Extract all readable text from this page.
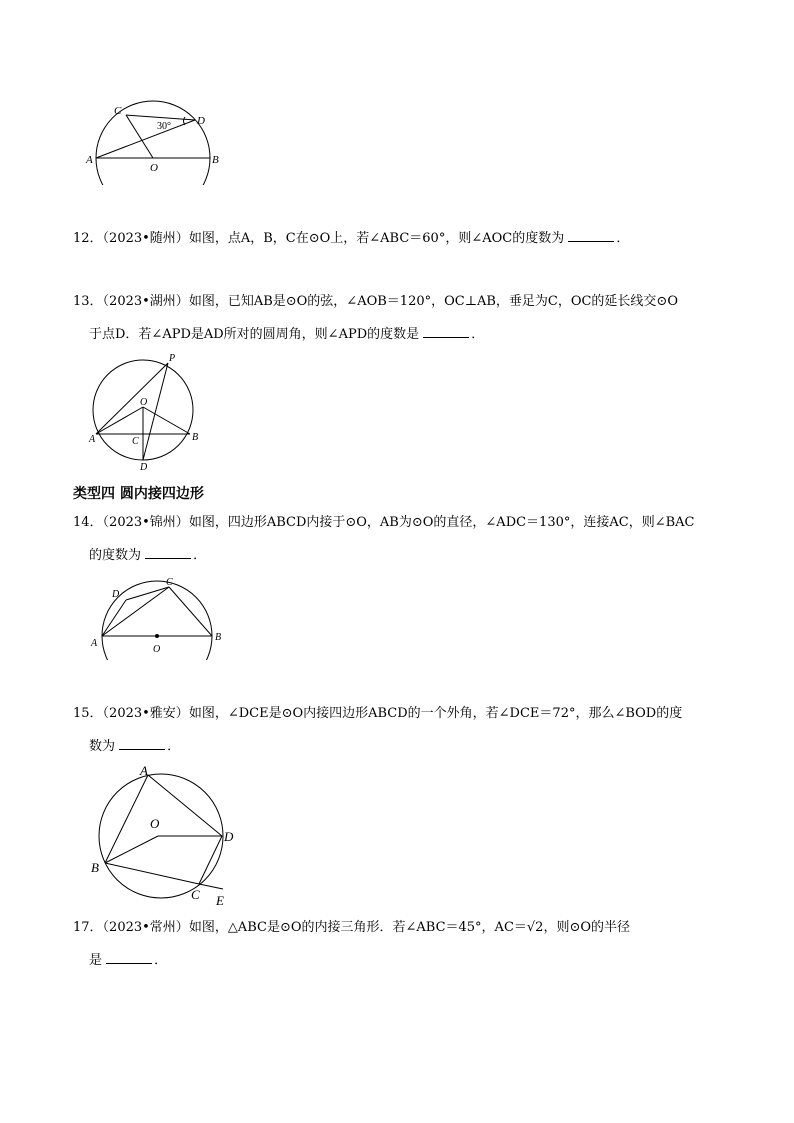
C
D
A	B
O
30°
12．（2023•随州）如图，点A，B，C在⊙O上，若∠ABC＝60°，则∠AOC的度数为	．
13．（2023•湖州）如图，已知AB是⊙O的弦，∠AOB＝120°，OC⊥AB，垂足为C，OC的延长线交⊙O
于点D．若∠APD是AD所对的圆周角，则∠APD的度数是	．
P
O
A	C	B
D
类型四 圆内接四边形
14．（2023•锦州）如图，四边形ABCD内接于⊙O，AB为⊙O的直径，∠ADC＝130°，连接AC，则∠BAC
的度数为	．
C
D
A
B
O
15．（2023•雅安）如图，∠DCE是⊙O内接四边形ABCD的一个外角，若∠DCE＝72°，那么∠BOD的度
数为	．
A
O
D
B
C E
17．（2023•常州）如图，△ABC是⊙O的内接三角形．若∠ABC＝45°，AC＝√2，则⊙O的半径
是	．
